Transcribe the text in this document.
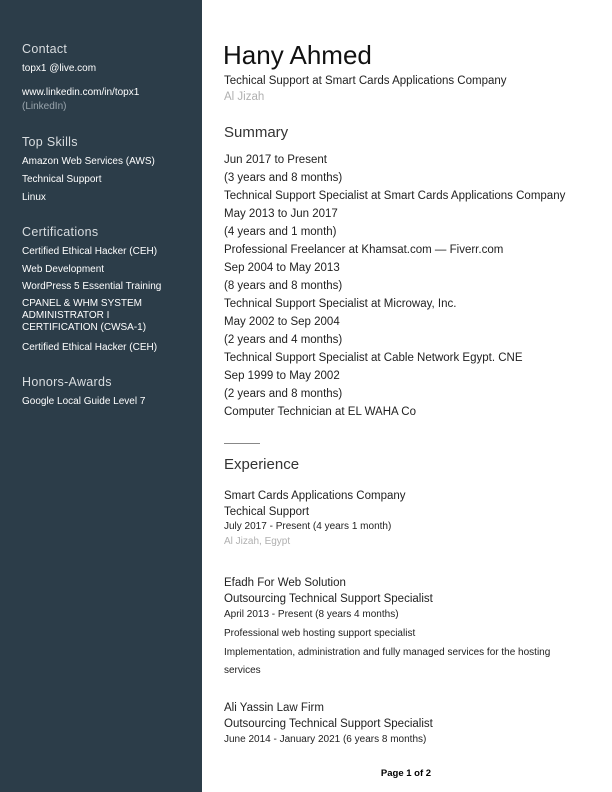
Contact
topx1 @live.com
www.linkedin.com/in/topx1
(LinkedIn)
Top Skills
Amazon Web Services (AWS)
Technical Support
Linux
Certifications
Certified Ethical Hacker (CEH)
Web Development
WordPress 5 Essential Training
CPANEL & WHM SYSTEM
ADMINISTRATOR I
CERTIFICATION (CWSA-1)
Certified Ethical Hacker (CEH)
Honors-Awards
Google Local Guide Level 7
Hany Ahmed
Techical Support at Smart Cards Applications Company
Al Jizah
Summary
Jun 2017 to Present
(3 years and 8 months)
Technical Support Specialist at Smart Cards Applications Company
May 2013 to Jun 2017
(4 years and 1 month)
Professional Freelancer at Khamsat.com — Fiverr.com
Sep 2004 to May 2013
(8 years and 8 months)
Technical Support Specialist at Microway, Inc.
May 2002 to Sep 2004
(2 years and 4 months)
Technical Support Specialist at Cable Network Egypt. CNE
Sep 1999 to May 2002
(2 years and 8 months)
Computer Technician at EL WAHA Co
Experience
Smart Cards Applications Company
Techical Support
July 2017 - Present (4 years 1 month)
Al Jizah, Egypt
Efadh For Web Solution
Outsourcing Technical Support Specialist
April 2013 - Present (8 years 4 months)
Professional web hosting support specialist
Implementation, administration and fully managed services for the hosting
services
Ali Yassin Law Firm
Outsourcing Technical Support Specialist
June 2014 - January 2021 (6 years 8 months)
Page 1 of 2
